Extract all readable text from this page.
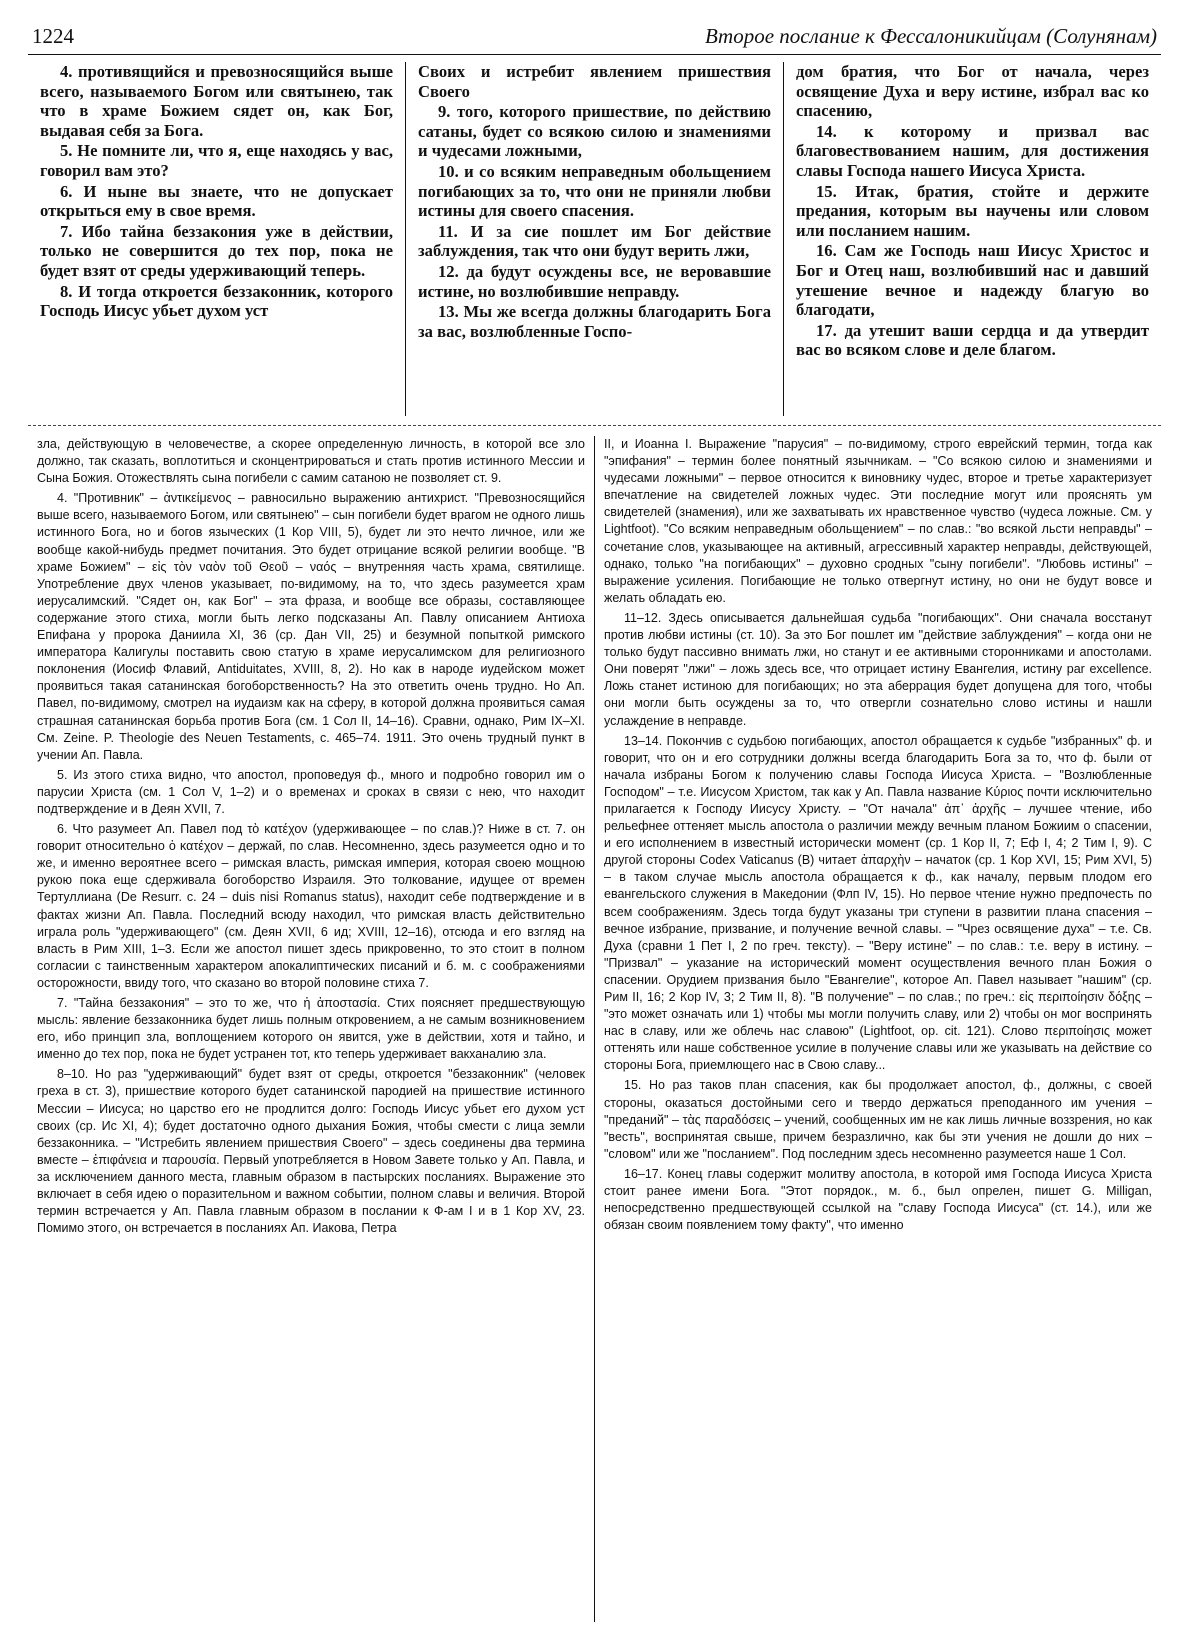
1224	Второе послание к Фессалоникийцам (Солунянам)

4. противящийся и превозносящийся выше всего, называемого Богом или святынею, так что в храме Божием сядет он, как Бог, выдавая себя за Бога.

5. Не помните ли, что я, еще находясь у вас, говорил вам это?

6. И ныне вы знаете, что не допускает открыться ему в свое время.

7. Ибо тайна беззакония уже в действии, только не совершится до тех пор, пока не будет взят от среды удерживающий теперь.

8. И тогда откроется беззаконник, которого Господь Иисус убьет духом уст

Своих и истребит явлением пришествия Своего

9. того, которого пришествие, по действию сатаны, будет со всякою силою и знамениями и чудесами ложными,

10. и со всяким неправедным обольщением погибающих за то, что они не приняли любви истины для своего спасения.

11. И за сие пошлет им Бог действие заблуждения, так что они будут верить лжи,

12. да будут осуждены все, не веровавшие истине, но возлюбившие неправду.

13. Мы же всегда должны благодарить Бога за вас, возлюбленные Госпо-

дом братия, что Бог от начала, через освящение Духа и веру истине, избрал вас ко спасению,

14. к которому и призвал вас благовествованием нашим, для достижения славы Господа нашего Иисуса Христа.

15. Итак, братия, стойте и держите предания, которым вы научены или словом или посланием нашим.

16. Сам же Господь наш Иисус Христос и Бог и Отец наш, возлюбивший нас и давший утешение вечное и надежду благую во благодати,

17. да утешит ваши сердца и да утвердит вас во всяком слове и деле благом.

зла, действующую в человечестве, а скорее определенную личность, в которой все зло должно, так сказать, воплотиться и сконцентрироваться и стать против истинного Мессии и Сына Божия. Отожествлять сына погибели с самим сатаною не позволяет ст. 9.

4. "Противник" – ἀντικείμενος – равносильно выражению антихрист. "Превозносящийся выше всего, называемого Богом, или святынею" – сын погибели будет врагом не одного лишь истинного Бога, но и богов языческих (1 Кор VIII, 5), будет ли это нечто личное, или же вообще какой-нибудь предмет почитания. Это будет отрицание всякой религии вообще. "В храме Божием" – εἰς τὸν ναὸν τοῦ Θεοῦ – ναός – внутренняя часть храма, святилище. Употребление двух членов указывает, по-видимому, на то, что здесь разумеется храм иерусалимский. "Сядет он, как Бог" – эта фраза, и вообще все образы, составляющее содержание этого стиха, могли быть легко подсказаны Ап. Павлу описанием Антиоха Епифана у пророка Даниила XI, 36 (ср. Дан VII, 25) и безумной попыткой римского императора Калигулы поставить свою статую в храме иерусалимском для религиозного поклонения (Иосиф Флавий, Antiduitates, XVIII, 8, 2). Но как в народе иудейском может проявиться такая сатанинская богоборственность? На это ответить очень трудно. Но Ап. Павел, по-видимому, смотрел на иудаизм как на сферу, в которой должна проявиться самая страшная сатанинская борьба против Бога (см. 1 Сол II, 14–16). Сравни, однако, Рим IX–XI. См. Zeine. P. Theologie des Neuen Testaments, с. 465–74. 1911. Это очень трудный пункт в учении Ап. Павла.

5. Из этого стиха видно, что апостол, проповедуя ф., много и подробно говорил им о парусии Христа (см. 1 Сол V, 1–2) и о временах и сроках в связи с нею, что находит подтверждение и в Деян XVII, 7.

6. Что разумеет Ап. Павел под τὸ κατέχον (удерживающее – по слав.)? Ниже в ст. 7. он говорит относительно ὁ κατέχον – держай, по слав. Несомненно, здесь разумеется одно и то же, и именно вероятнее всего – римская власть, римская империя, которая своею мощною рукою пока еще сдерживала богоборство Израиля. Это толкование, идущее от времен Тертуллиана (De Resurr. c. 24 – duis nisi Romanus status), находит себе подтверждение и в фактах жизни Ап. Павла. Последний всюду находил, что римская власть действительно играла роль "удерживающего" (см. Деян XVII, 6 ид; XVIII, 12–16), отсюда и его взгляд на власть в Рим XIII, 1–3. Если же апостол пишет здесь прикровенно, то это стоит в полном согласии с таинственным характером апокалиптических писаний и б. м. с соображениями осторожности, ввиду того, что сказано во второй половине стиха 7.

7. "Тайна беззакония" – это то же, что ἡ ἀποστασία. Стих поясняет предшествующую мысль: явление беззаконника будет лишь полным откровением, а не самым возникновением его, ибо принцип зла, воплощением которого он явится, уже в действии, хотя и тайно, и именно до тех пор, пока не будет устранен тот, кто теперь удерживает вакханалию зла.

8–10. Но раз "удерживающий" будет взят от среды, откроется "беззаконник" (человек греха в ст. 3), пришествие которого будет сатанинской пародией на пришествие истинного Мессии – Иисуса; но царство его не продлится долго: Господь Иисус убьет его духом уст своих (ср. Ис XI, 4); будет достаточно одного дыхания Божия, чтобы смести с лица земли беззаконника. – "Истребить явлением пришествия Своего" – здесь соединены два термина вместе – ἐπιφάνεια и παρουσία. Первый употребляется в Новом Завете только у Ап. Павла, и за исключением данного места, главным образом в пастырских посланиях. Выражение это включает в себя идею о поразительном и важном событии, полном славы и величия. Второй термин встречается у Ап. Павла главным образом в послании к Ф-ам I и в 1 Кор XV, 23. Помимо этого, он встречается в посланиях Ап. Иакова, Петра

II, и Иоанна I. Выражение "парусия" – по-видимому, строго еврейский термин, тогда как "эпифания" – термин более понятный язычникам. – "Со всякою силою и знамениями и чудесами ложными" – первое относится к виновнику чудес, второе и третье характеризует впечатление на свидетелей ложных чудес. Эти последние могут или прояснять ум свидетелей (знамения), или же захватывать их нравственное чувство (чудеса ложные. См. у Lightfoot). "Со всяким неправедным обольщением" – по слав.: "во всякой льсти неправды" – сочетание слов, указывающее на активный, агрессивный характер неправды, действующей, однако, только "на погибающих" – духовно сродных "сыну погибели". "Любовь истины" – выражение усиления. Погибающие не только отвергнут истину, но они не будут вовсе и желать обладать ею.

11–12. Здесь описывается дальнейшая судьба "погибающих". Они сначала восстанут против любви истины (ст. 10). За это Бог пошлет им "действие заблуждения" – когда они не только будут пассивно внимать лжи, но станут и ее активными сторонниками и апостолами. Они поверят "лжи" – ложь здесь все, что отрицает истину Евангелия, истину par excellence. Ложь станет истиною для погибающих; но эта аберрация будет допущена для того, чтобы они могли быть осуждены за то, что отвергли сознательно слово истины и нашли услаждение в неправде.

13–14. Покончив с судьбою погибающих, апостол обращается к судьбе "избранных" ф. и говорит, что он и его сотрудники должны всегда благодарить Бога за то, что ф. были от начала избраны Богом к получению славы Господа Иисуса Христа. – "Возлюбленные Господом" – т.е. Иисусом Христом, так как у Ап. Павла название Κύριος почти исключительно прилагается к Господу Иисусу Христу. – "От начала" ἀπ᾽ ἀρχῆς – лучшее чтение, ибо рельефнее оттеняет мысль апостола о различии между вечным планом Божиим о спасении, и его исполнением в известный исторически момент (ср. 1 Кор II, 7; Еф I, 4; 2 Тим I, 9). С другой стороны Codex Vaticanus (B) читает ἀπαρχὴν – начаток (ср. 1 Кор XVI, 15; Рим XVI, 5) – в таком случае мысль апостола обращается к ф., как началу, первым плодом его евангельского служения в Македонии (Флп IV, 15). Но первое чтение нужно предпочесть по всем соображениям. Здесь тогда будут указаны три ступени в развитии плана спасения – вечное избрание, призвание, и получение вечной славы. – "Чрез освящение духа" – т.е. Св. Духа (сравни 1 Пет I, 2 по греч. тексту). – "Веру истине" – по слав.: т.е. веру в истину. – "Призвал" – указание на исторический момент осуществления вечного план Божия о спасении. Орудием призвания было "Евангелие", которое Ап. Павел называет "нашим" (ср. Рим II, 16; 2 Кор IV, 3; 2 Тим II, 8). "В получение" – по слав.; по греч.: εἰς περιποίησιν δόξης – "это может означать или 1) чтобы мы могли получить славу, или 2) чтобы он мог воспринять нас в славу, или же облечь нас славою" (Lightfoot, op. cit. 121). Слово περιποίησις может оттенять или наше собственное усилие в получение славы или же указывать на действие со стороны Бога, приемлющего нас в Свою славу...

15. Но раз таков план спасения, как бы продолжает апостол, ф., должны, с своей стороны, оказаться достойными сего и твердо держаться преподанного им учения – "преданий" – τὰς παραδόσεις – учений, сообщенных им не как лишь личные воззрения, но как "весть", воспринятая свыше, причем безразлично, как бы эти учения не дошли до них – "словом" или же "посланием". Под последним здесь несомненно разумеется наше 1 Сол.

16–17. Конец главы содержит молитву апостола, в которой имя Господа Иисуса Христа стоит ранее имени Бога. "Этот порядок., м. б., был опрелен, пишет G. Milligan, непосредственно предшествующей ссылкой на "славу Господа Иисуса" (ст. 14.), или же обязан своим появлением тому факту", что именно
